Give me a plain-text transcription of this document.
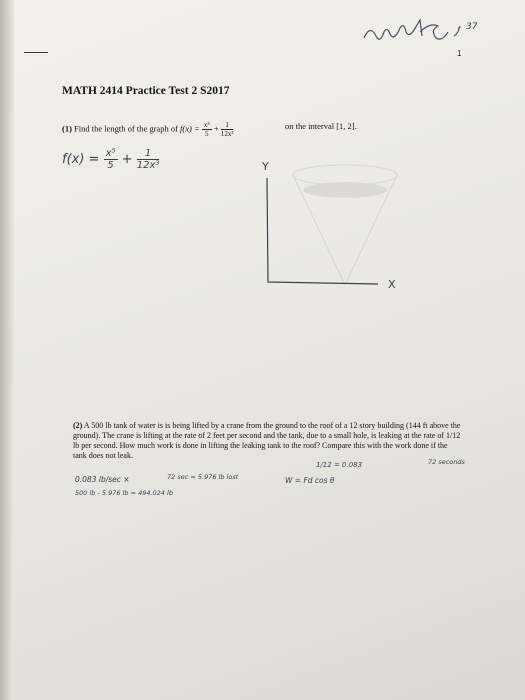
37
1
MATH 2414 Practice Test 2 S2017
(1) Find the length of the graph of $f(x) = \frac{\text{x⁵}}{5} + \frac{1}{\text{12x³}}$	on the interval [1, 2].
$f(x) = \frac{\text{x⁵}}{5} + \frac{1}{\text{12x³}}$	Y
X
(2) A 500 lb tank of water is is being lifted by a crane from the ground to the roof of a 12 story building (144 ft above the ground). The crane is lifting at the rate of 2 feet per second and the tank, due to a small hole, is leaking at the rate of 1/12 lb per second. How much work is done in lifting the leaking tank to the roof? Compare this with the work done if the tank does not leak.
1/12 = 0.083	72 seconds
0.083 lb/sec ×	72 sec = 5.976 lb lost	W = Fd cos θ
500 lb - 5.976 lb = 494.024 lb
